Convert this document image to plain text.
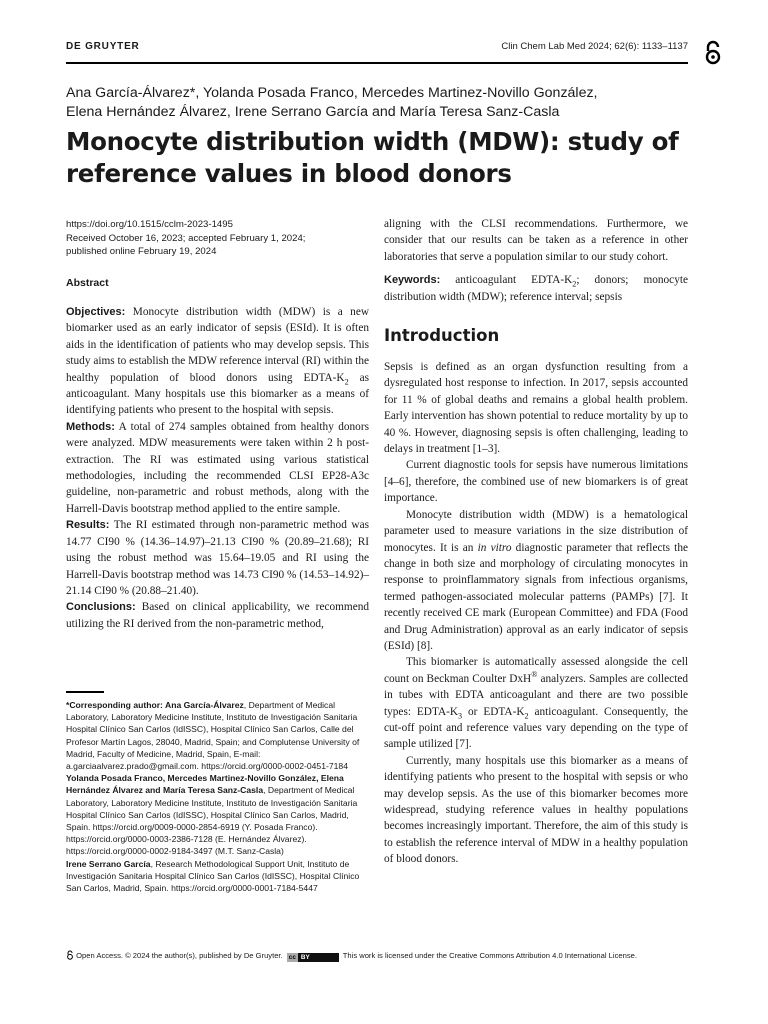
DE GRUYTER	Clin Chem Lab Med 2024; 62(6): 1133–1137
Ana García-Álvarez*, Yolanda Posada Franco, Mercedes Martinez-Novillo González,
Elena Hernández Álvarez, Irene Serrano García and María Teresa Sanz-Casla
Monocyte distribution width (MDW): study of
reference values in blood donors
https://doi.org/10.1515/cclm-2023-1495
Received October 16, 2023; accepted February 1, 2024;
published online February 19, 2024
Abstract

Objectives: Monocyte distribution width (MDW) is a new biomarker used as an early indicator of sepsis (ESId). It is often aids in the identification of patients who may develop sepsis. This study aims to establish the MDW reference interval (RI) within the healthy population of blood donors using EDTA-$K_2$ as anticoagulant. Many hospitals use this biomarker as a means of identifying patients who present to the hospital with sepsis.

Methods: A total of 274 samples obtained from healthy donors were analyzed. MDW measurements were taken within 2 h post-extraction. The RI was estimated using various statistical methodologies, including the recommended CLSI EP28-A3c guideline, non-parametric and robust methods, along with the Harrell-Davis bootstrap method applied to the entire sample.

Results: The RI estimated through non-parametric method was 14.77 CI90 % (14.36–14.97)–21.13 CI90 % (20.89–21.68); RI using the robust method was 15.64–19.05 and RI using the Harrell-Davis bootstrap method was 14.73 CI90 % (14.53–14.92)–21.14 CI90 % (20.88–21.40).

Conclusions: Based on clinical applicability, we recommend utilizing the RI derived from the non-parametric method,

*Corresponding author: Ana García-Álvarez, Department of Medical Laboratory, Laboratory Medicine Institute, Instituto de Investigación Sanitaria Hospital Clínico San Carlos (IdISSC), Hospital Clínico San Carlos, Calle del Profesor Martín Lagos, 28040, Madrid, Spain; and Complutense University of Madrid, Faculty of Medicine, Madrid, Spain, E-mail: a.garciaalvarez.prado@gmail.com. https://orcid.org/0000-0002-0451-7184

Yolanda Posada Franco, Mercedes Martinez-Novillo González, Elena Hernández Álvarez and María Teresa Sanz-Casla, Department of Medical Laboratory, Laboratory Medicine Institute, Instituto de Investigación Sanitaria Hospital Clínico San Carlos (IdISSC), Hospital Clínico San Carlos, Madrid, Spain. https://orcid.org/0009-0000-2854-6919 (Y. Posada Franco). https://orcid.org/0000-0003-2386-7128 (E. Hernández Álvarez). https://orcid.org/0000-0002-9184-3497 (M.T. Sanz-Casla)

Irene Serrano García, Research Methodological Support Unit, Instituto de Investigación Sanitaria Hospital Clínico San Carlos (IdISSC), Hospital Clínico San Carlos, Madrid, Spain. https://orcid.org/0000-0001-7184-5447

aligning with the CLSI recommendations. Furthermore, we consider that our results can be taken as a reference in other laboratories that serve a population similar to our study cohort.

Keywords: anticoagulant EDTA-$K_2$; donors; monocyte distribution width (MDW); reference interval; sepsis

Introduction

Sepsis is defined as an organ dysfunction resulting from a dysregulated host response to infection. In 2017, sepsis accounted for 11 % of global deaths and remains a global health problem. Early intervention has shown potential to reduce mortality by up to 40 %. However, diagnosing sepsis is often challenging, leading to delays in treatment [1–3].

Current diagnostic tools for sepsis have numerous limitations [4–6], therefore, the combined use of new biomarkers is of great importance.

Monocyte distribution width (MDW) is a hematological parameter used to measure variations in the size distribution of monocytes. It is an in vitro diagnostic parameter that reflects the change in both size and morphology of circulating monocytes in response to proinflammatory signals from infectious organisms, termed pathogen-associated molecular patterns (PAMPs) [7]. It recently received CE mark (European Committee) and FDA (Food and Drug Administration) approval as an early indicator of sepsis (ESId) [8].

This biomarker is automatically assessed alongside the cell count on Beckman Coulter DxH® analyzers. Samples are collected in tubes with EDTA anticoagulant and there are two possible types: EDTA-$K_3$ or EDTA-$K_2$ anticoagulant. Consequently, the cut-off point and reference values vary depending on the type of sample utilized [7].

Currently, many hospitals use this biomarker as a means of identifying patients who present to the hospital with sepsis or who may develop sepsis. As the use of this biomarker becomes more widespread, studying reference values in healthy populations becomes increasingly important. Therefore, the aim of this study is to establish the reference interval of MDW in a healthy population of blood donors.

Open Access. © 2024 the author(s), published by De Gruyter. cc BY	This work is licensed under the Creative Commons Attribution 4.0 International License.
